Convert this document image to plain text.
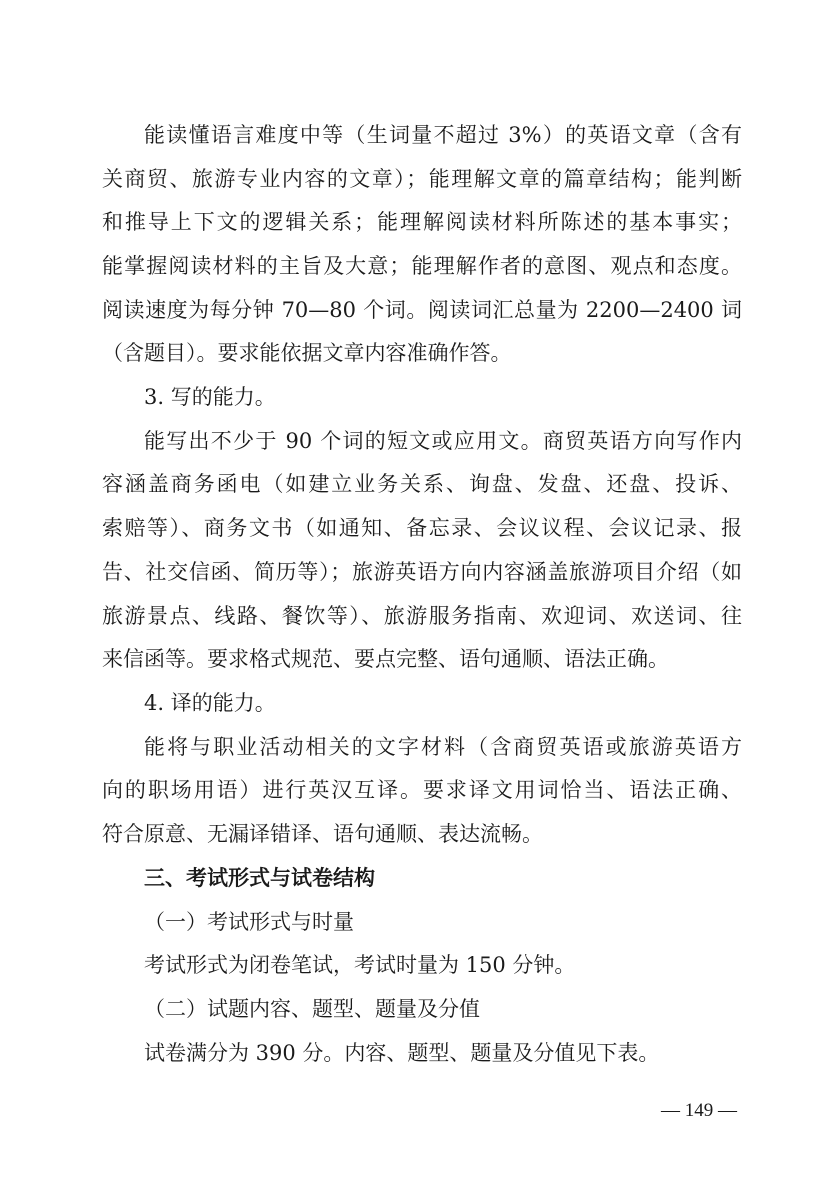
能读懂语言难度中等（生词量不超过 3%）的英语文章（含有
关商贸、旅游专业内容的文章）；能理解文章的篇章结构；能判断
和推导上下文的逻辑关系；能理解阅读材料所陈述的基本事实；
能掌握阅读材料的主旨及大意；能理解作者的意图、观点和态度。
阅读速度为每分钟 70—80 个词。阅读词汇总量为 2200—2400 词
（含题目）。要求能依据文章内容准确作答。
3. 写的能力。
能写出不少于 90 个词的短文或应用文。商贸英语方向写作内
容涵盖商务函电（如建立业务关系、询盘、发盘、还盘、投诉、
索赔等）、商务文书（如通知、备忘录、会议议程、会议记录、报
告、社交信函、简历等）；旅游英语方向内容涵盖旅游项目介绍（如
旅游景点、线路、餐饮等）、旅游服务指南、欢迎词、欢送词、往
来信函等。要求格式规范、要点完整、语句通顺、语法正确。
4. 译的能力。
能将与职业活动相关的文字材料（含商贸英语或旅游英语方
向的职场用语）进行英汉互译。要求译文用词恰当、语法正确、
符合原意、无漏译错译、语句通顺、表达流畅。
三、考试形式与试卷结构
（一）考试形式与时量
考试形式为闭卷笔试，考试时量为 150 分钟。
（二）试题内容、题型、题量及分值
试卷满分为 390 分。内容、题型、题量及分值见下表。
— 149 —
